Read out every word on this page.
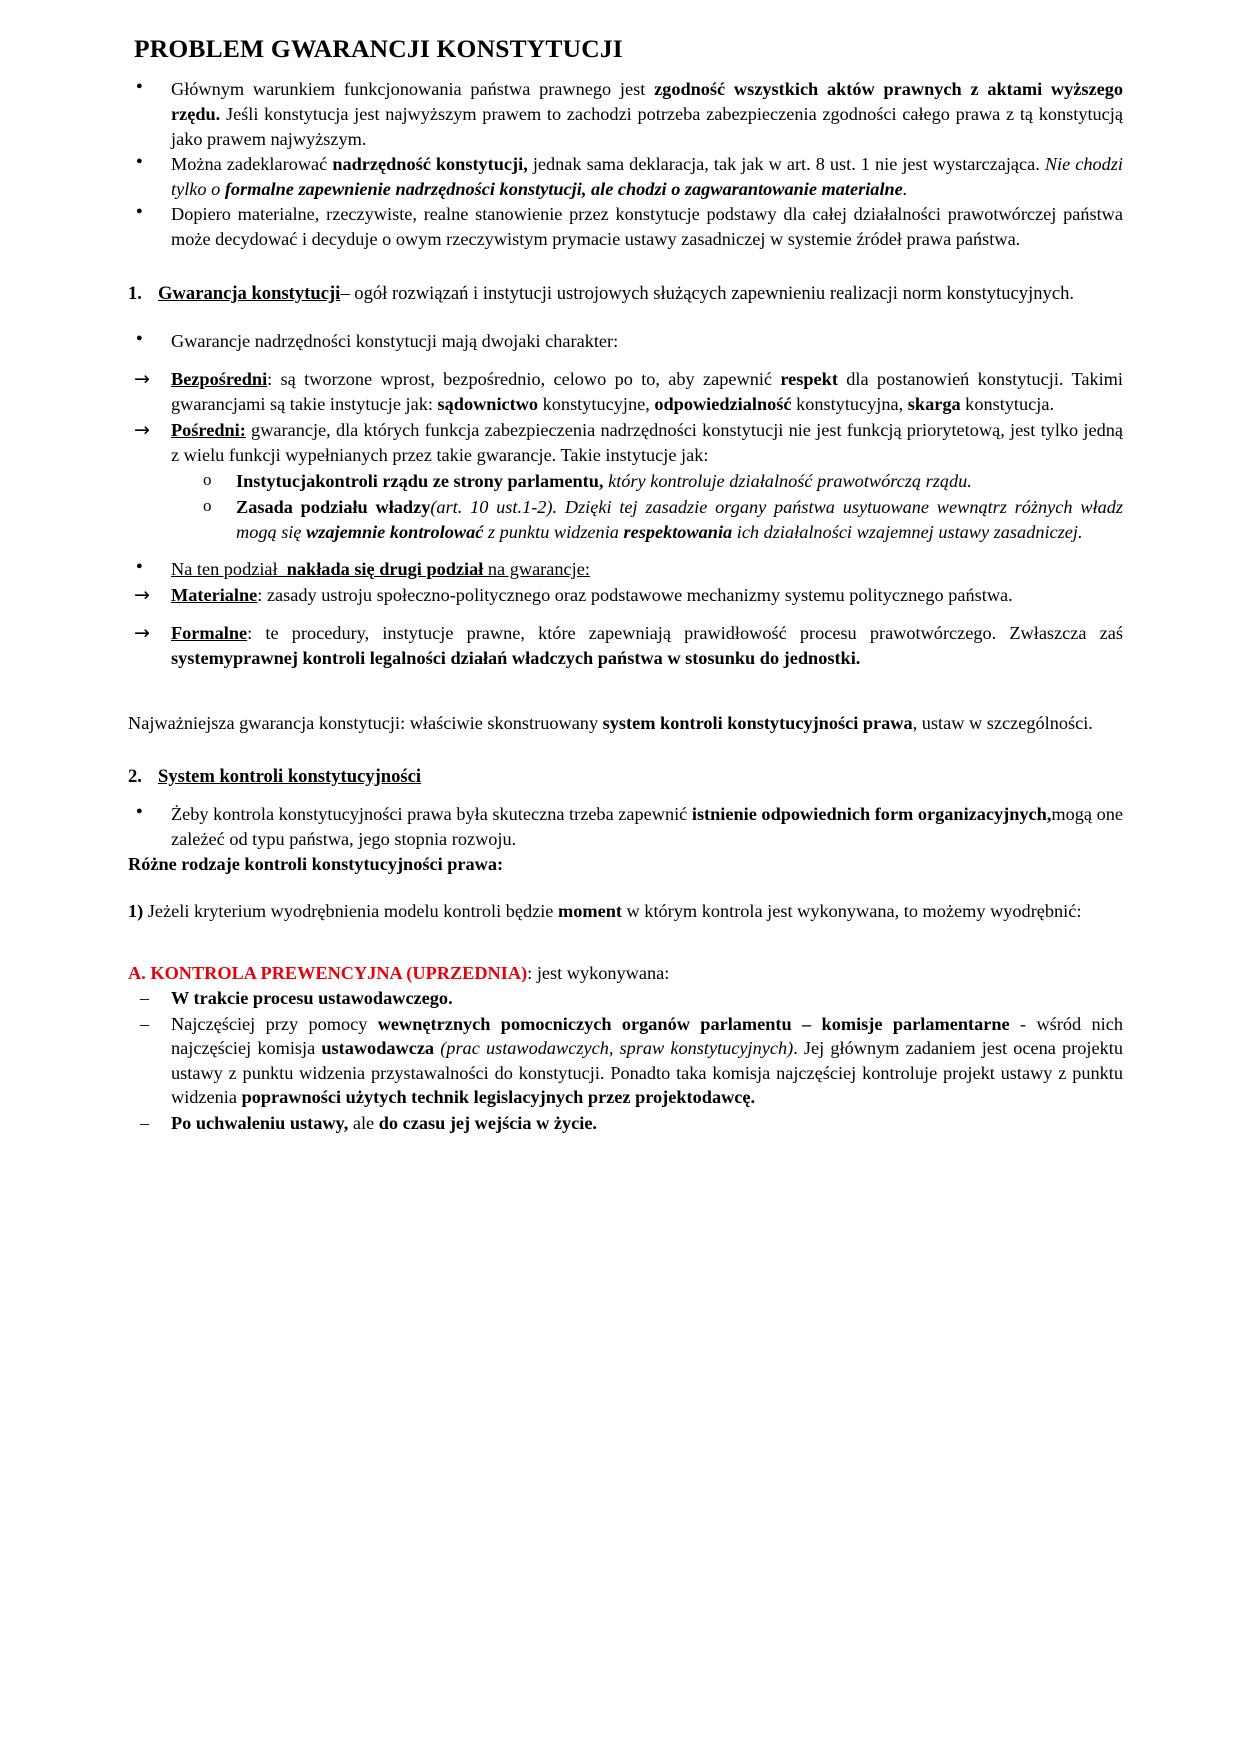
PROBLEM GWARANCJI KONSTYTUCJI
● Głównym warunkiem funkcjonowania państwa prawnego jest zgodność wszystkich aktów prawnych z aktami wyższego rzędu. Jeśli konstytucja jest najwyższym prawem to zachodzi potrzeba zabezpieczenia zgodności całego prawa z tą konstytucją jako prawem najwyższym.
● Można zadeklarować nadrzędność konstytucji, jednak sama deklaracja, tak jak w art. 8 ust. 1 nie jest wystarczająca. Nie chodzi tylko o formalne zapewnienie nadrzędności konstytucji, ale chodzi o zagwarantowanie materialne.
● Dopiero materialne, rzeczywiste, realne stanowienie przez konstytucje podstawy dla całej działalności prawotwórczej państwa może decydować i decyduje o owym rzeczywistym prymacie ustawy zasadniczej w systemie źródeł prawa państwa.
1. Gwarancja konstytucji– ogół rozwiązań i instytucji ustrojowych służących zapewnieniu realizacji norm konstytucyjnych.
● Gwarancje nadrzędności konstytucji mają dwojaki charakter:
→ Bezpośredni: są tworzone wprost, bezpośrednio, celowo po to, aby zapewnić respekt dla postanowień konstytucji. Takimi gwarancjami są takie instytucje jak: sądownictwo konstytucyjne, odpowiedzialność konstytucyjna, skarga konstytucja.
→ Pośredni: gwarancje, dla których funkcja zabezpieczenia nadrzędności konstytucji nie jest funkcją priorytetową, jest tylko jedną z wielu funkcji wypełnianych przez takie gwarancje. Takie instytucje jak:
o Instytucjakontroli rządu ze strony parlamentu, który kontroluje działalność prawotwórczą rządu.
o Zasada podziału władzy(art. 10 ust.1-2). Dzięki tej zasadzie organy państwa usytuowane wewnątrz różnych władz mogą się wzajemnie kontrolować z punktu widzenia respektowania ich działalności wzajemnej ustawy zasadniczej.
● Na ten podział  nakłada się drugi podział na gwarancje:
→ Materialne: zasady ustroju społeczno-politycznego oraz podstawowe mechanizmy systemu politycznego państwa.
→ Formalne: te procedury, instytucje prawne, które zapewniają prawidłowość procesu prawotwórczego. Zwłaszcza zaś systemyprawnej kontroli legalności działań władczych państwa w stosunku do jednostki.

Najważniejsza gwarancja konstytucji: właściwie skonstruowany system kontroli konstytucyjności prawa, ustaw w szczególności.

2. System kontroli konstytucyjności
● Żeby kontrola konstytucyjności prawa była skuteczna trzeba zapewnić istnienie odpowiednich form organizacyjnych,mogą one zależeć od typu państwa, jego stopnia rozwoju.

Różne rodzaje kontroli konstytucyjności prawa:

1) Jeżeli kryterium wyodrębnienia modelu kontroli będzie moment w którym kontrola jest wykonywana, to możemy wyodrębnić:

A. KONTROLA PREWENCYJNA (UPRZEDNIA): jest wykonywana:

– W trakcie procesu ustawodawczego.
– Najczęściej przy pomocy wewnętrznych pomocniczych organów parlamentu – komisje parlamentarne - wśród nich najczęściej komisja ustawodawcza (prac ustawodawczych, spraw konstytucyjnych). Jej głównym zadaniem jest ocena projektu ustawy z punktu widzenia przystawalności do konstytucji. Ponadto taka komisja najczęściej kontroluje projekt ustawy z punktu widzenia poprawności użytych technik legislacyjnych przez projektodawcę.
– Po uchwaleniu ustawy, ale do czasu jej wejścia w życie.
